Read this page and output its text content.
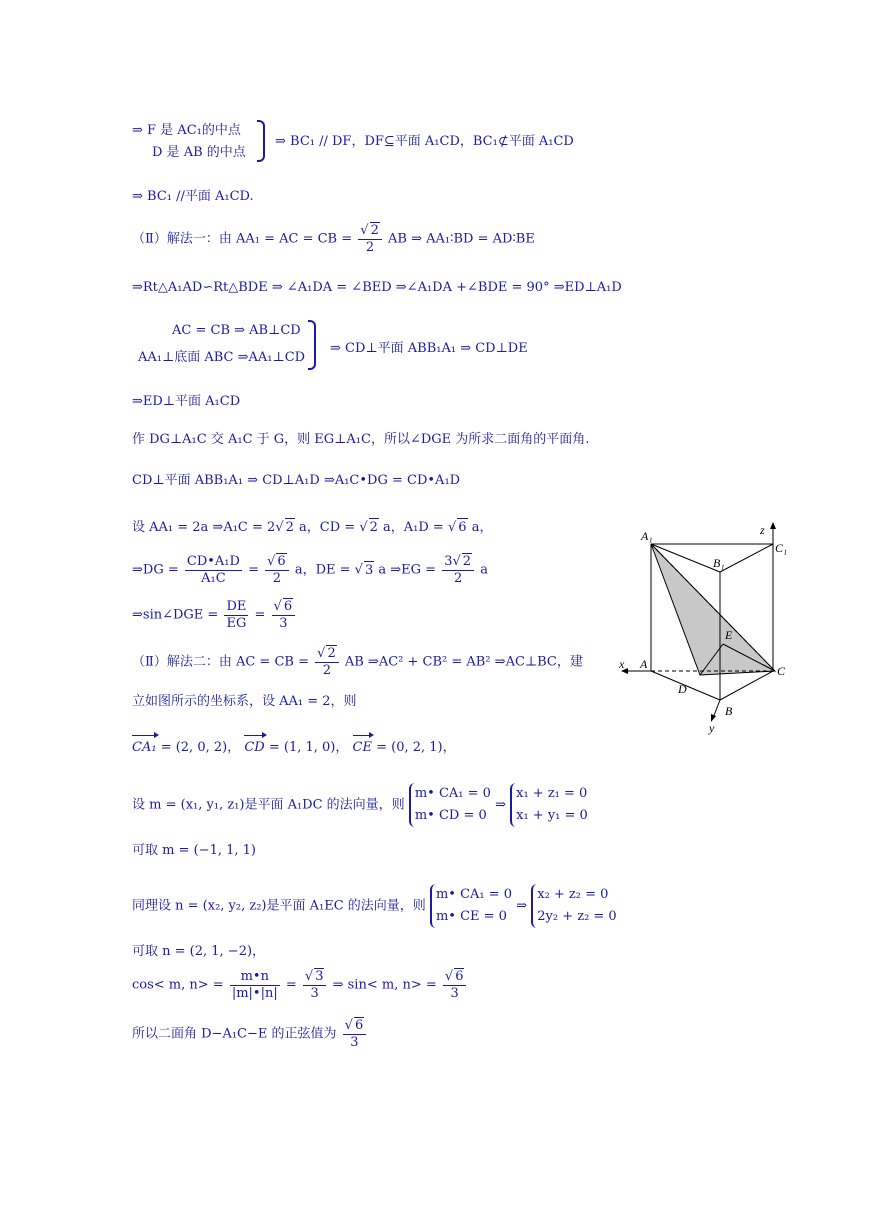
⇒ F 是 AC₁的中点
D 是 AB 的中点
⇒ BC₁ // DF，DF⊆平面 A₁CD，BC₁⊄平面 A₁CD
⇒ BC₁ //平面 A₁CD.
（Ⅱ）解法一：由 AA₁ = AC = CB = $\frac{√ 2}{2}$ AB ⇒ AA₁∶BD = AD∶BE
⇒Rt△A₁AD∽Rt△BDE ⇒ ∠A₁DA = ∠BED ⇒∠A₁DA +∠BDE = 90° ⇒ED⊥A₁D
AC = CB ⇒ AB⊥CD
AA₁⊥底面 ABC ⇒AA₁⊥CD
⇒ CD⊥平面 ABB₁A₁ ⇒ CD⊥DE
⇒ED⊥平面 A₁CD
作 DG⊥A₁C 交 A₁C 于 G，则 EG⊥A₁C，所以∠DGE 为所求二面角的平面角.
CD⊥平面 ABB₁A₁ ⇒ CD⊥A₁D ⇒A₁C•DG = CD•A₁D
设 AA₁ = 2a ⇒A₁C = 2√ 2 a，CD = √ 2 a，A₁D = √ 6 a，
⇒DG = $\frac{\text{CD•A₁D}}{\text{A₁C}} = \frac{√ 6}{2}$ a，DE = √ 3 a ⇒EG = $\frac{3√ 2}{2}$ a
⇒sin∠DGE = $\frac{DE}{EG} = \frac{√ 6}{3}$
（Ⅱ）解法二：由 AC = CB = $\frac{√ 2}{2}$ AB ⇒AC² + CB² = AB² ⇒AC⊥BC，建
立如图所示的坐标系，设 AA₁ = 2，则
CA₁ = (2, 0, 2)， CD = (1, 1, 0)， CE = (0, 2, 1)，
设 m = (x₁, y₁, z₁)是平面 A₁DC 的法向量，则 m• CA₁ = 0
m• CD = 0 ⇒ x₁ + z₁ = 0
x₁ + y₁ = 0
可取 m = (−1, 1, 1)
同理设 n = (x₂, y₂, z₂)是平面 A₁EC 的法向量，则 m• CA₁ = 0
m• CE = 0 ⇒ x₂ + z₂ = 0
2y₂ + z₂ = 0
可取 n = (2, 1, −2)，
cos< m, $n> = \frac{m•n}{|m|•|n|} = \frac{√ 3}{3}$ ⇒ sin< m, $n> = \frac{√ 6}{3}$
所以二面角 D−A₁C−E 的正弦值为 $\frac{√ 6}{3}$
A₁
B₁
C₁
A
B
C
D
E
x
y
z
